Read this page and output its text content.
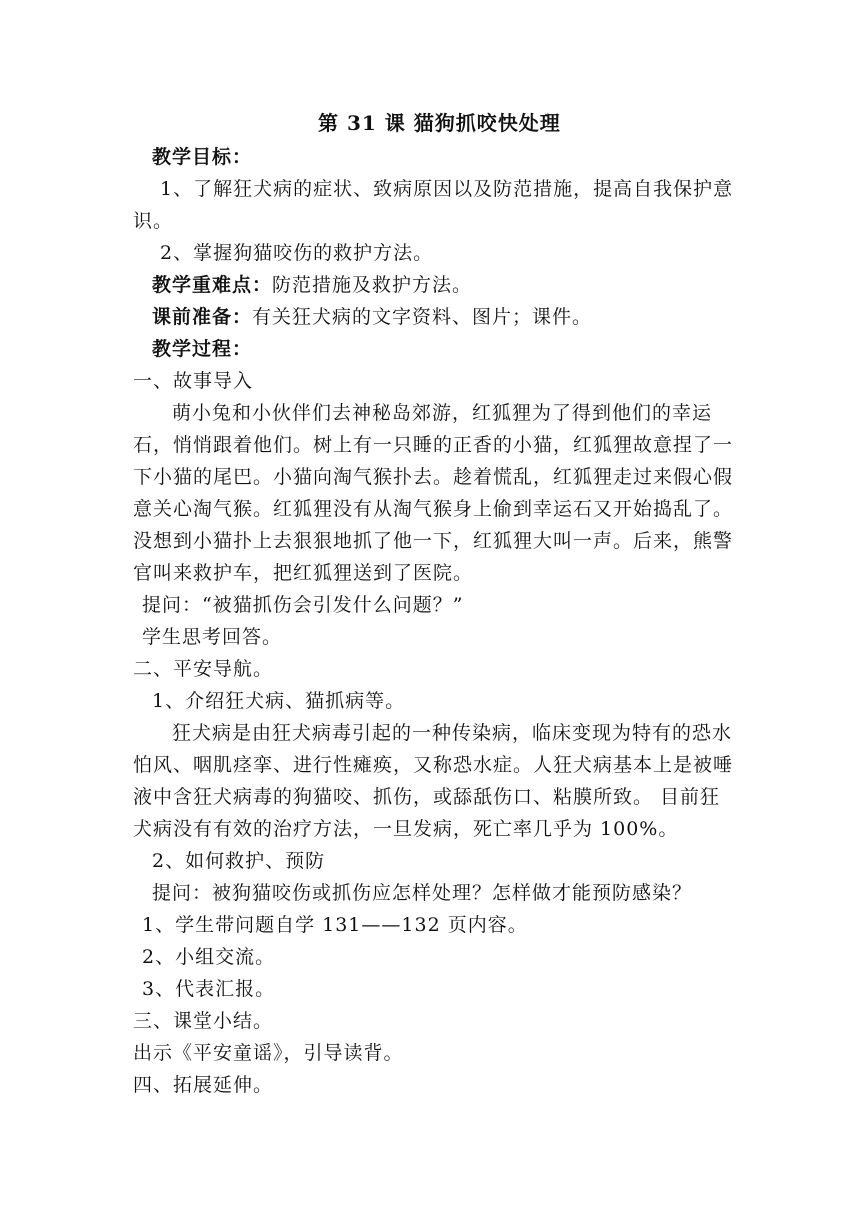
第 31 课 猫狗抓咬快处理
教学目标：
1、了解狂犬病的症状、致病原因以及防范措施，提高自我保护意
识。
2、掌握狗猫咬伤的救护方法。
教学重难点：防范措施及救护方法。
课前准备：有关狂犬病的文字资料、图片；课件。
教学过程：
一、故事导入
萌小兔和小伙伴们去神秘岛郊游，红狐狸为了得到他们的幸运
石，悄悄跟着他们。树上有一只睡的正香的小猫，红狐狸故意捏了一
下小猫的尾巴。小猫向淘气猴扑去。趁着慌乱，红狐狸走过来假心假
意关心淘气猴。红狐狸没有从淘气猴身上偷到幸运石又开始捣乱了。
没想到小猫扑上去狠狠地抓了他一下，红狐狸大叫一声。后来，熊警
官叫来救护车，把红狐狸送到了医院。
提问：“被猫抓伤会引发什么问题？”
学生思考回答。
二、平安导航。
1、介绍狂犬病、猫抓病等。
狂犬病是由狂犬病毒引起的一种传染病，临床变现为特有的恐水
怕风、咽肌痉挛、进行性瘫痪，又称恐水症。人狂犬病基本上是被唾
液中含狂犬病毒的狗猫咬、抓伤，或舔舐伤口、粘膜所致。 目前狂
犬病没有有效的治疗方法，一旦发病，死亡率几乎为 100%。
2、如何救护、预防
提问：被狗猫咬伤或抓伤应怎样处理？怎样做才能预防感染？
1、学生带问题自学 131——132 页内容。
2、小组交流。
3、代表汇报。
三、课堂小结。
出示《平安童谣》，引导读背。
四、拓展延伸。
